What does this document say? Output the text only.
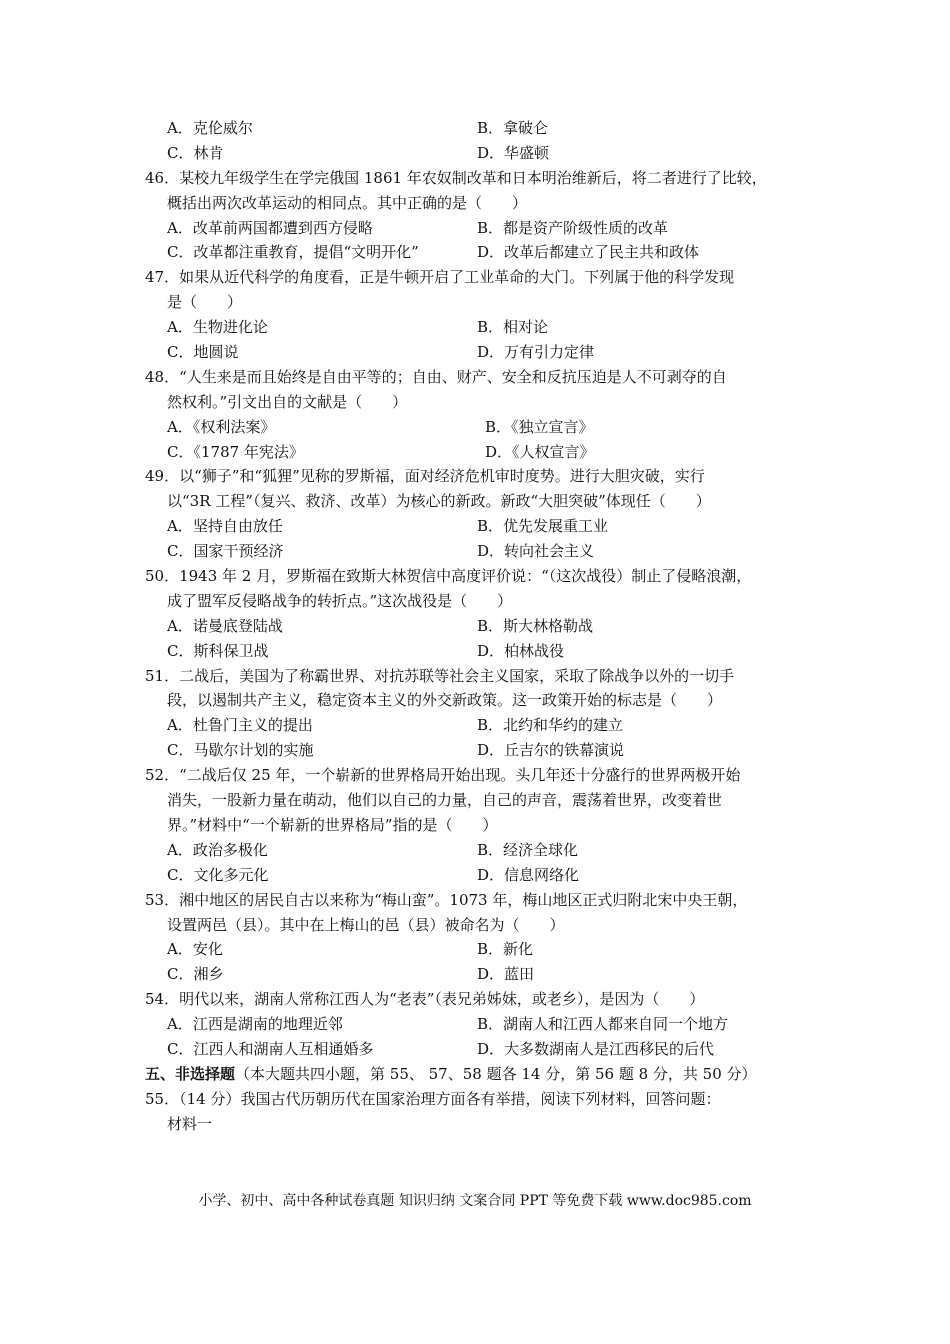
A．克伦威尔	B．拿破仑
C．林肯	D．华盛顿
46．某校九年级学生在学完俄国 1861 年农奴制改革和日本明治维新后，将二者进行了比较，
概括出两次改革运动的相同点。其中正确的是（　　）
A．改革前两国都遭到西方侵略	B．都是资产阶级性质的改革
C．改革都注重教育，提倡“文明开化”	D．改革后都建立了民主共和政体
47．如果从近代科学的角度看，正是牛顿开启了工业革命的大门。下列属于他的科学发现
是（　　）
A．生物进化论	B．相对论
C．地圆说	D．万有引力定律
48．“人生来是而且始终是自由平等的；自由、财产、安全和反抗压迫是人不可剥夺的自
然权利。”引文出自的文献是（　　）
A．《权利法案》	B．《独立宣言》
C．《1787 年宪法》	D．《人权宣言》
49．以“狮子”和“狐狸”见称的罗斯福，面对经济危机审时度势。进行大胆灾破，实行
以“3R 工程”（复兴、救济、改革）为核心的新政。新政“大胆突破”体现任（　　）
A．坚持自由放任	B．优先发展重工业
C．国家干预经济	D．转向社会主义
50．1943 年 2 月，罗斯福在致斯大林贺信中高度评价说：“（这次战役）制止了侵略浪潮，
成了盟军反侵略战争的转折点。”这次战役是（　　）
A．诺曼底登陆战	B．斯大林格勒战
C．斯科保卫战	D．柏林战役
51．二战后，美国为了称霸世界、对抗苏联等社会主义国家，采取了除战争以外的一切手
段，以遏制共产主义，稳定资本主义的外交新政策。这一政策开始的标志是（　　）
A．杜鲁门主义的提出	B．北约和华约的建立
C．马歇尔计划的实施	D．丘吉尔的铁幕演说
52．“二战后仅 25 年，一个崭新的世界格局开始出现。头几年还十分盛行的世界两极开始
消失，一股新力量在萌动，他们以自己的力量，自己的声音，震荡着世界，改变着世
界。”材料中“一个崭新的世界格局”指的是（　　）
A．政治多极化	B．经济全球化
C．文化多元化	D．信息网络化
53．湘中地区的居民自古以来称为“梅山蛮”。1073 年，梅山地区正式归附北宋中央王朝，
设置两邑（县）。其中在上梅山的邑（县）被命名为（　　）
A．安化	B．新化
C．湘乡	D．蓝田
54．明代以来，湖南人常称江西人为“老表”（表兄弟姊妹，或老乡），是因为（　　）
A．江西是湖南的地理近邻	B．湖南人和江西人都来自同一个地方
C．江西人和湖南人互相通婚多	D．大多数湖南人是江西移民的后代
五、非选择题（本大题共四小题，第 55、 57、58 题各 14 分，第 56 题 8 分，共 50 分）
55．（14 分）我国古代历朝历代在国家治理方面各有举措，阅读下列材料，回答问题：
材料一
小学、初中、高中各种试卷真题 知识归纳 文案合同 PPT 等免费下载 www.doc985.com
